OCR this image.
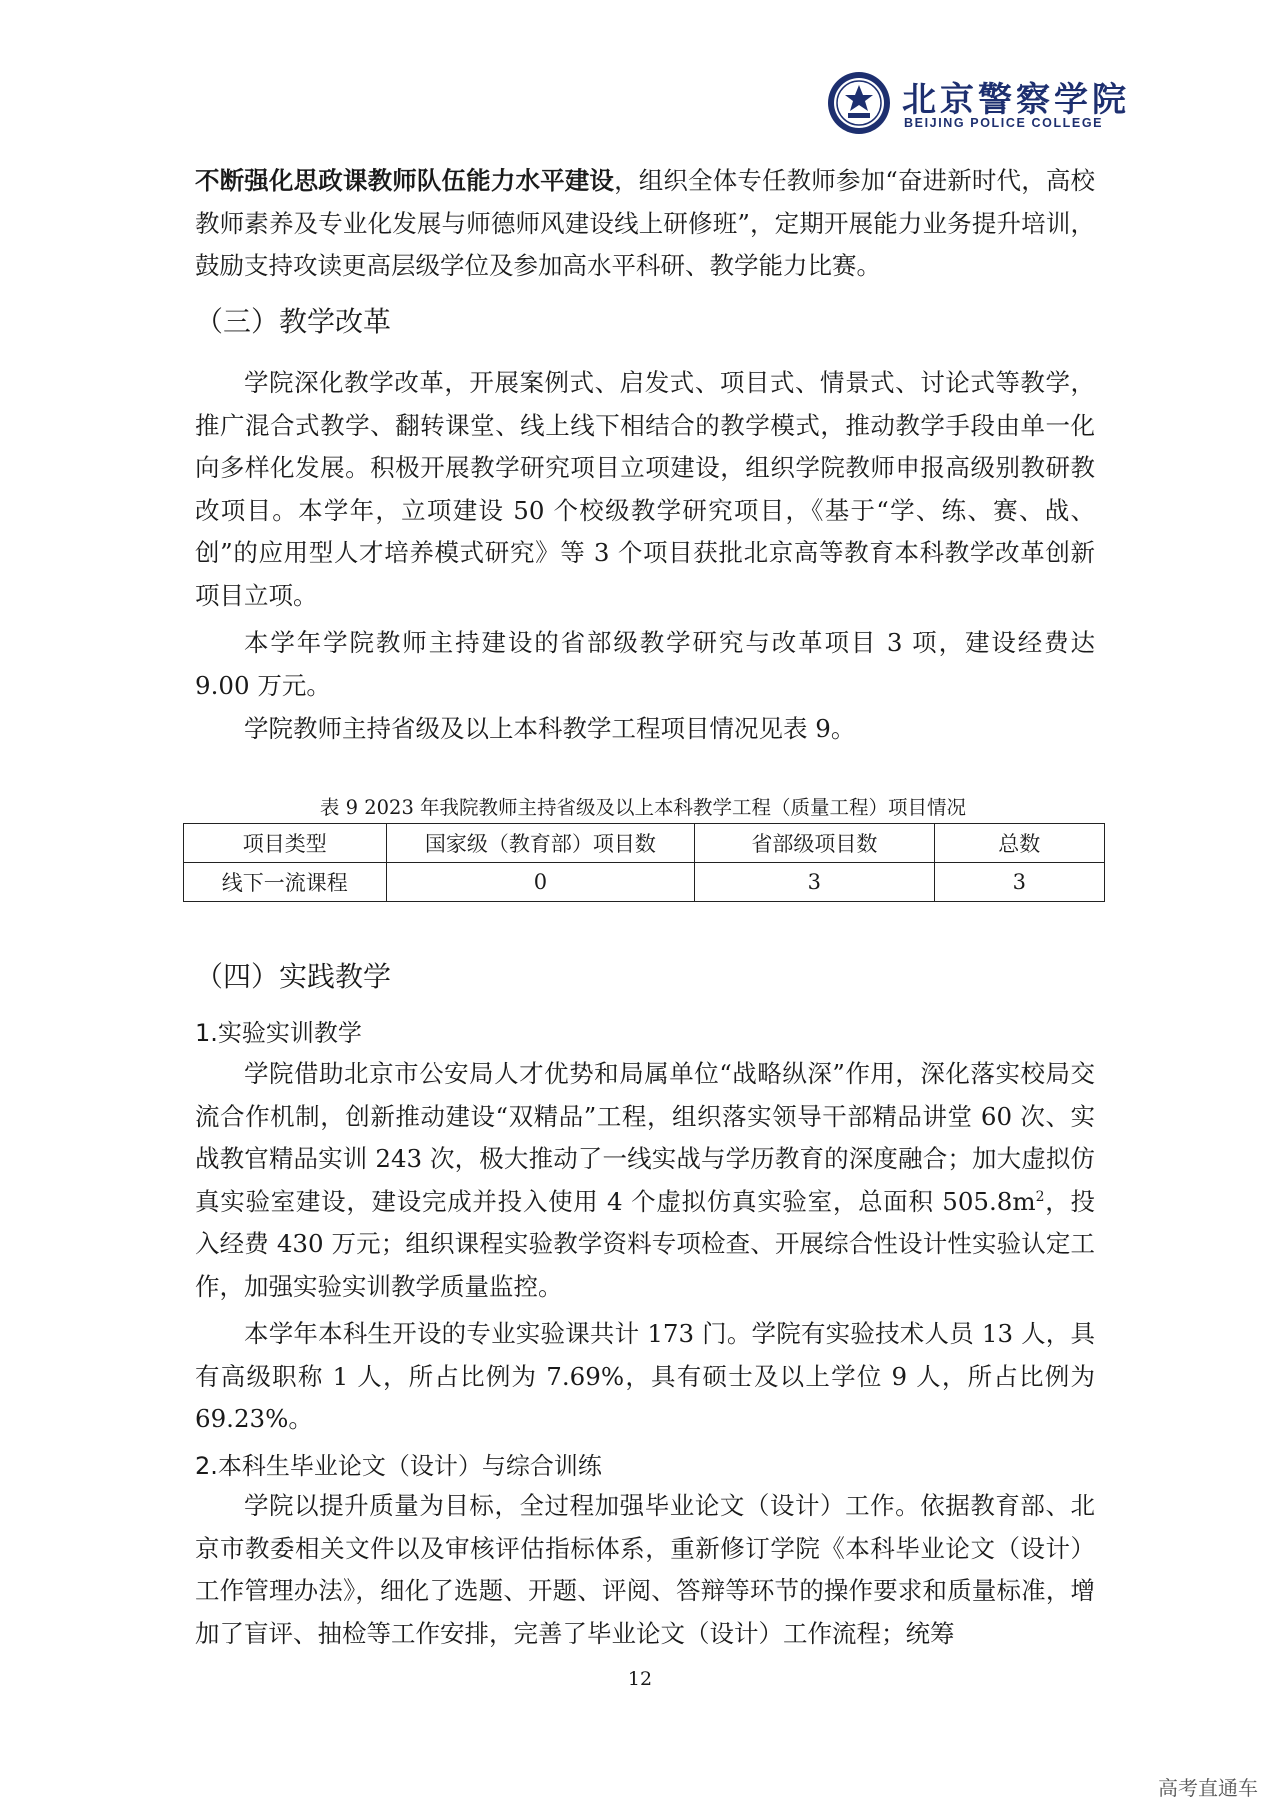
北京警察学院
BEIJING POLICE COLLEGE
不断强化思政课教师队伍能力水平建设，组织全体专任教师参加“奋进新时代，高校教师素养及专业化发展与师德师风建设线上研修班”，定期开展能力业务提升培训，鼓励支持攻读更高层级学位及参加高水平科研、教学能力比赛。
（三）教学改革
学院深化教学改革，开展案例式、启发式、项目式、情景式、讨论式等教学，推广混合式教学、翻转课堂、线上线下相结合的教学模式，推动教学手段由单一化向多样化发展。积极开展教学研究项目立项建设，组织学院教师申报高级别教研教改项目。本学年，立项建设 50 个校级教学研究项目，《基于“学、练、赛、战、创”的应用型人才培养模式研究》等 3 个项目获批北京高等教育本科教学改革创新项目立项。
本学年学院教师主持建设的省部级教学研究与改革项目 3 项，建设经费达 9.00 万元。
学院教师主持省级及以上本科教学工程项目情况见表 9。
表 9 2023 年我院教师主持省级及以上本科教学工程（质量工程）项目情况
项目类型	国家级（教育部）项目数	省部级项目数	总数
线下一流课程	0	3	3
（四）实践教学
1.实验实训教学
学院借助北京市公安局人才优势和局属单位“战略纵深”作用，深化落实校局交流合作机制，创新推动建设“双精品”工程，组织落实领导干部精品讲堂 60 次、实战教官精品实训 243 次，极大推动了一线实战与学历教育的深度融合；加大虚拟仿真实验室建设，建设完成并投入使用 4 个虚拟仿真实验室，总面积 $505.8m^2$，投入经费 430 万元；组织课程实验教学资料专项检查、开展综合性设计性实验认定工作，加强实验实训教学质量监控。
本学年本科生开设的专业实验课共计 173 门。学院有实验技术人员 13 人，具有高级职称 1 人，所占比例为 7.69%，具有硕士及以上学位 9 人，所占比例为 69.23%。
2.本科生毕业论文（设计）与综合训练
学院以提升质量为目标，全过程加强毕业论文（设计）工作。依据教育部、北京市教委相关文件以及审核评估指标体系，重新修订学院《本科毕业论文（设计）工作管理办法》，细化了选题、开题、评阅、答辩等环节的操作要求和质量标准，增加了盲评、抽检等工作安排，完善了毕业论文（设计）工作流程；统筹
12
高考直通车
